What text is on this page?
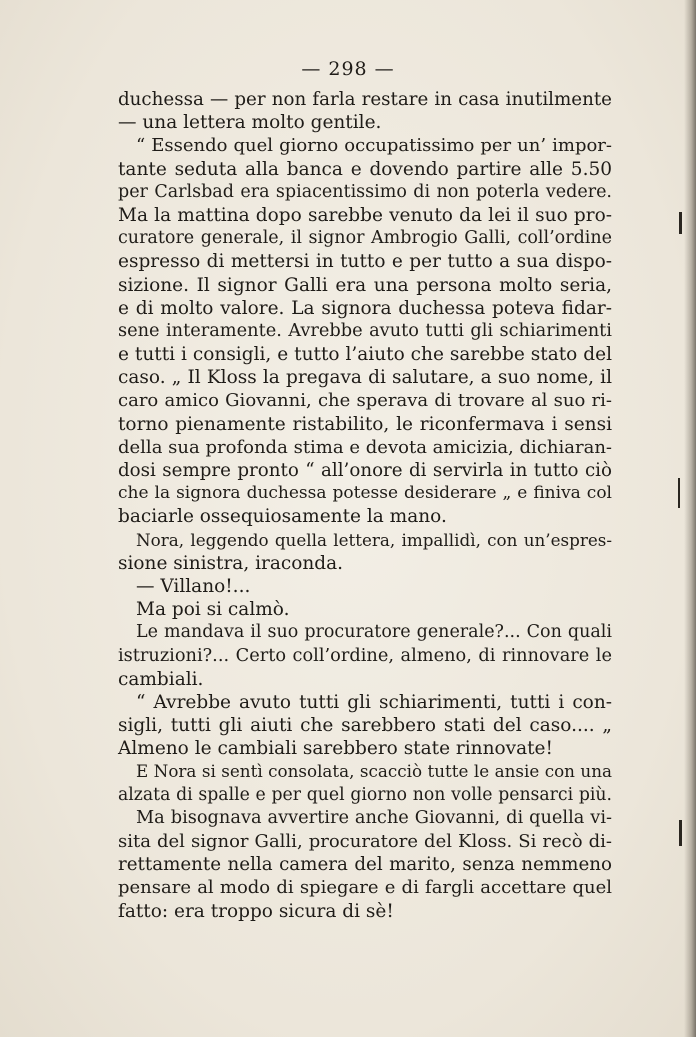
— 298 —
duchessa — per non farla restare in casa inutilmente
— una lettera molto gentile.
“ Essendo quel giorno occupatissimo per un’ impor-
tante seduta alla banca e dovendo partire alle 5.50
per Carlsbad era spiacentissimo di non poterla vedere.
Ma la mattina dopo sarebbe venuto da lei il suo pro-
curatore generale, il signor Ambrogio Galli, coll’ordine
espresso di mettersi in tutto e per tutto a sua dispo-
sizione. Il signor Galli era una persona molto seria,
e di molto valore. La signora duchessa poteva fidar-
sene interamente. Avrebbe avuto tutti gli schiarimenti
e tutti i consigli, e tutto l’aiuto che sarebbe stato del
caso. „ Il Kloss la pregava di salutare, a suo nome, il
caro amico Giovanni, che sperava di trovare al suo ri-
torno pienamente ristabilito, le riconfermava i sensi
della sua profonda stima e devota amicizia, dichiaran-
dosi sempre pronto “ all’onore di servirla in tutto ciò
che la signora duchessa potesse desiderare „ e finiva col
baciarle ossequiosamente la mano.
Nora, leggendo quella lettera, impallidì, con un’espres-
sione sinistra, iraconda.
— Villano!...
Ma poi si calmò.
Le mandava il suo procuratore generale?... Con quali
istruzioni?... Certo coll’ordine, almeno, di rinnovare le
cambiali.
“ Avrebbe avuto tutti gli schiarimenti, tutti i con-
sigli, tutti gli aiuti che sarebbero stati del caso.... „
Almeno le cambiali sarebbero state rinnovate!
E Nora si sentì consolata, scacciò tutte le ansie con una
alzata di spalle e per quel giorno non volle pensarci più.
Ma bisognava avvertire anche Giovanni, di quella vi-
sita del signor Galli, procuratore del Kloss. Si recò di-
rettamente nella camera del marito, senza nemmeno
pensare al modo di spiegare e di fargli accettare quel
fatto: era troppo sicura di sè!
